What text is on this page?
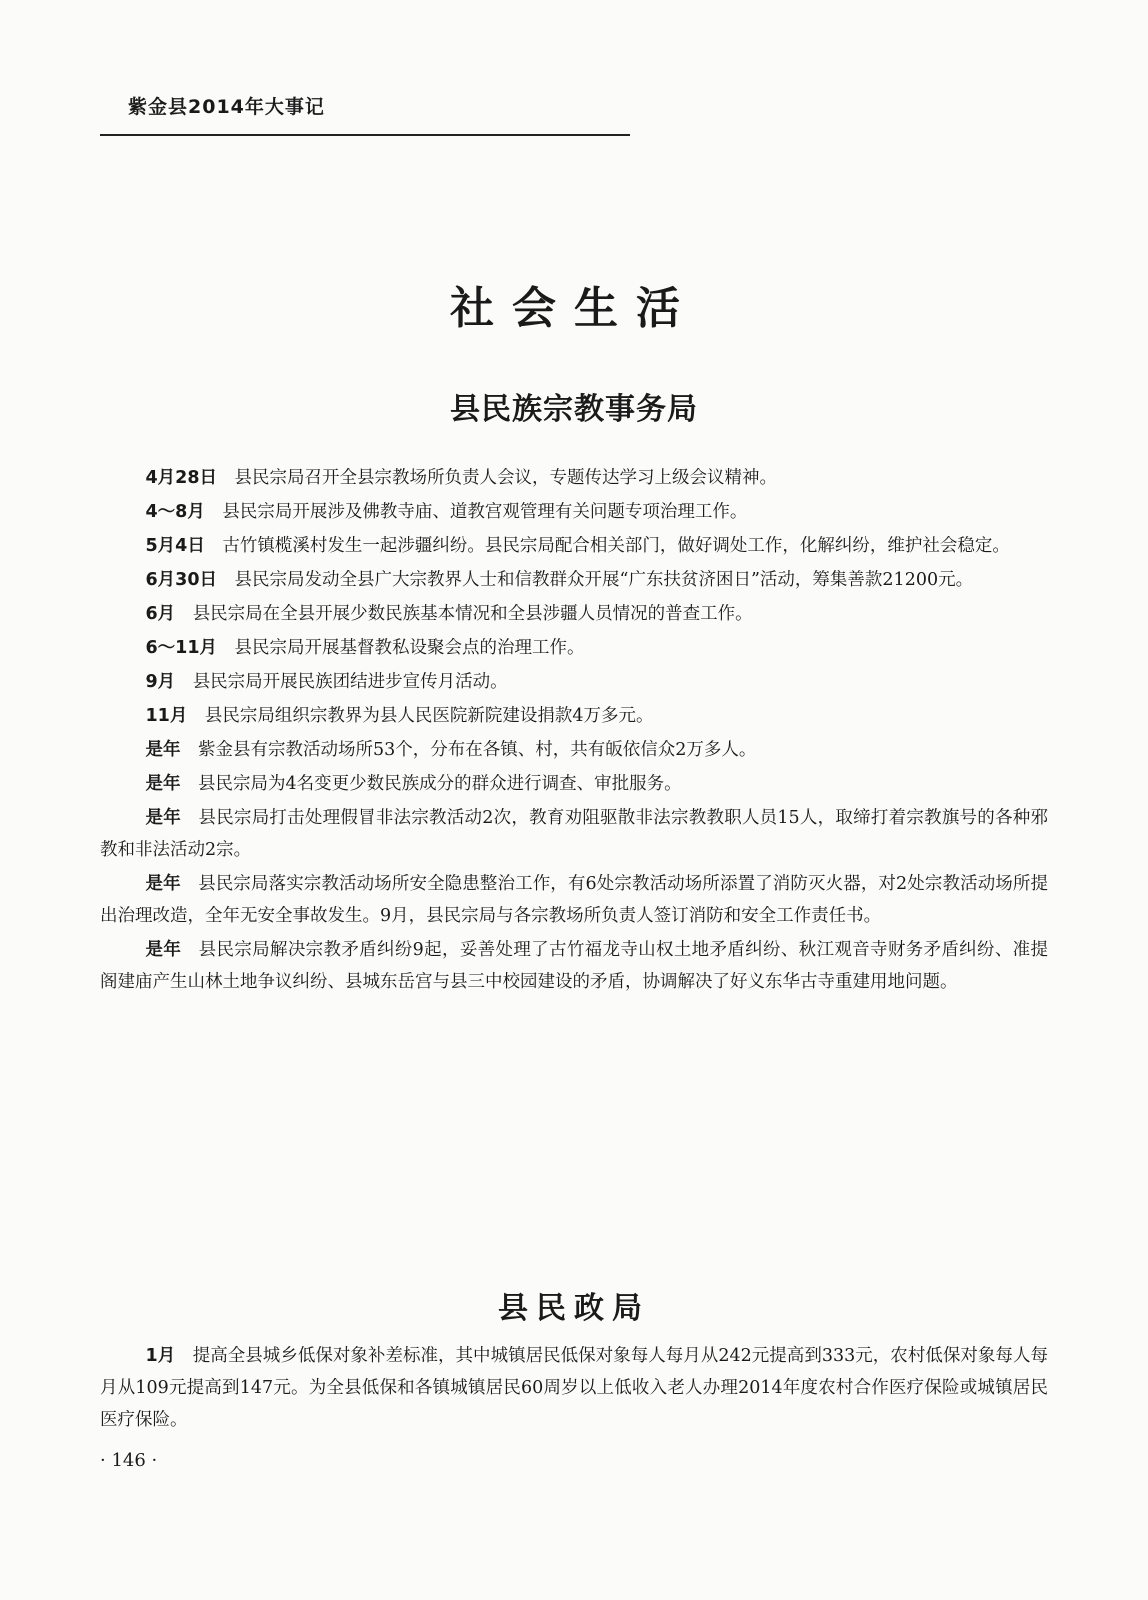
紫金县2014年大事记
社会生活
县民族宗教事务局

4月28日 县民宗局召开全县宗教场所负责人会议，专题传达学习上级会议精神。

4～8月 县民宗局开展涉及佛教寺庙、道教宫观管理有关问题专项治理工作。

5月4日 古竹镇榄溪村发生一起涉疆纠纷。县民宗局配合相关部门，做好调处工作，化解纠纷，维护社会稳定。

6月30日 县民宗局发动全县广大宗教界人士和信教群众开展“广东扶贫济困日”活动，筹集善款21200元。

6月 县民宗局在全县开展少数民族基本情况和全县涉疆人员情况的普查工作。

6～11月 县民宗局开展基督教私设聚会点的治理工作。

9月 县民宗局开展民族团结进步宣传月活动。

11月 县民宗局组织宗教界为县人民医院新院建设捐款4万多元。

是年 紫金县有宗教活动场所53个，分布在各镇、村，共有皈依信众2万多人。

是年 县民宗局为4名变更少数民族成分的群众进行调查、审批服务。

是年 县民宗局打击处理假冒非法宗教活动2次，教育劝阻驱散非法宗教教职人员15人，取缔打着宗教旗号的各种邪教和非法活动2宗。

是年 县民宗局落实宗教活动场所安全隐患整治工作，有6处宗教活动场所添置了消防灭火器，对2处宗教活动场所提出治理改造，全年无安全事故发生。9月，县民宗局与各宗教场所负责人签订消防和安全工作责任书。

是年 县民宗局解决宗教矛盾纠纷9起，妥善处理了古竹福龙寺山权土地矛盾纠纷、秋江观音寺财务矛盾纠纷、准提阁建庙产生山林土地争议纠纷、县城东岳宫与县三中校园建设的矛盾，协调解决了好义东华古寺重建用地问题。

县民政局

1月 提高全县城乡低保对象补差标准，其中城镇居民低保对象每人每月从242元提高到333元，农村低保对象每人每月从109元提高到147元。为全县低保和各镇城镇居民60周岁以上低收入老人办理2014年度农村合作医疗保险或城镇居民医疗保险。

· 146 ·
